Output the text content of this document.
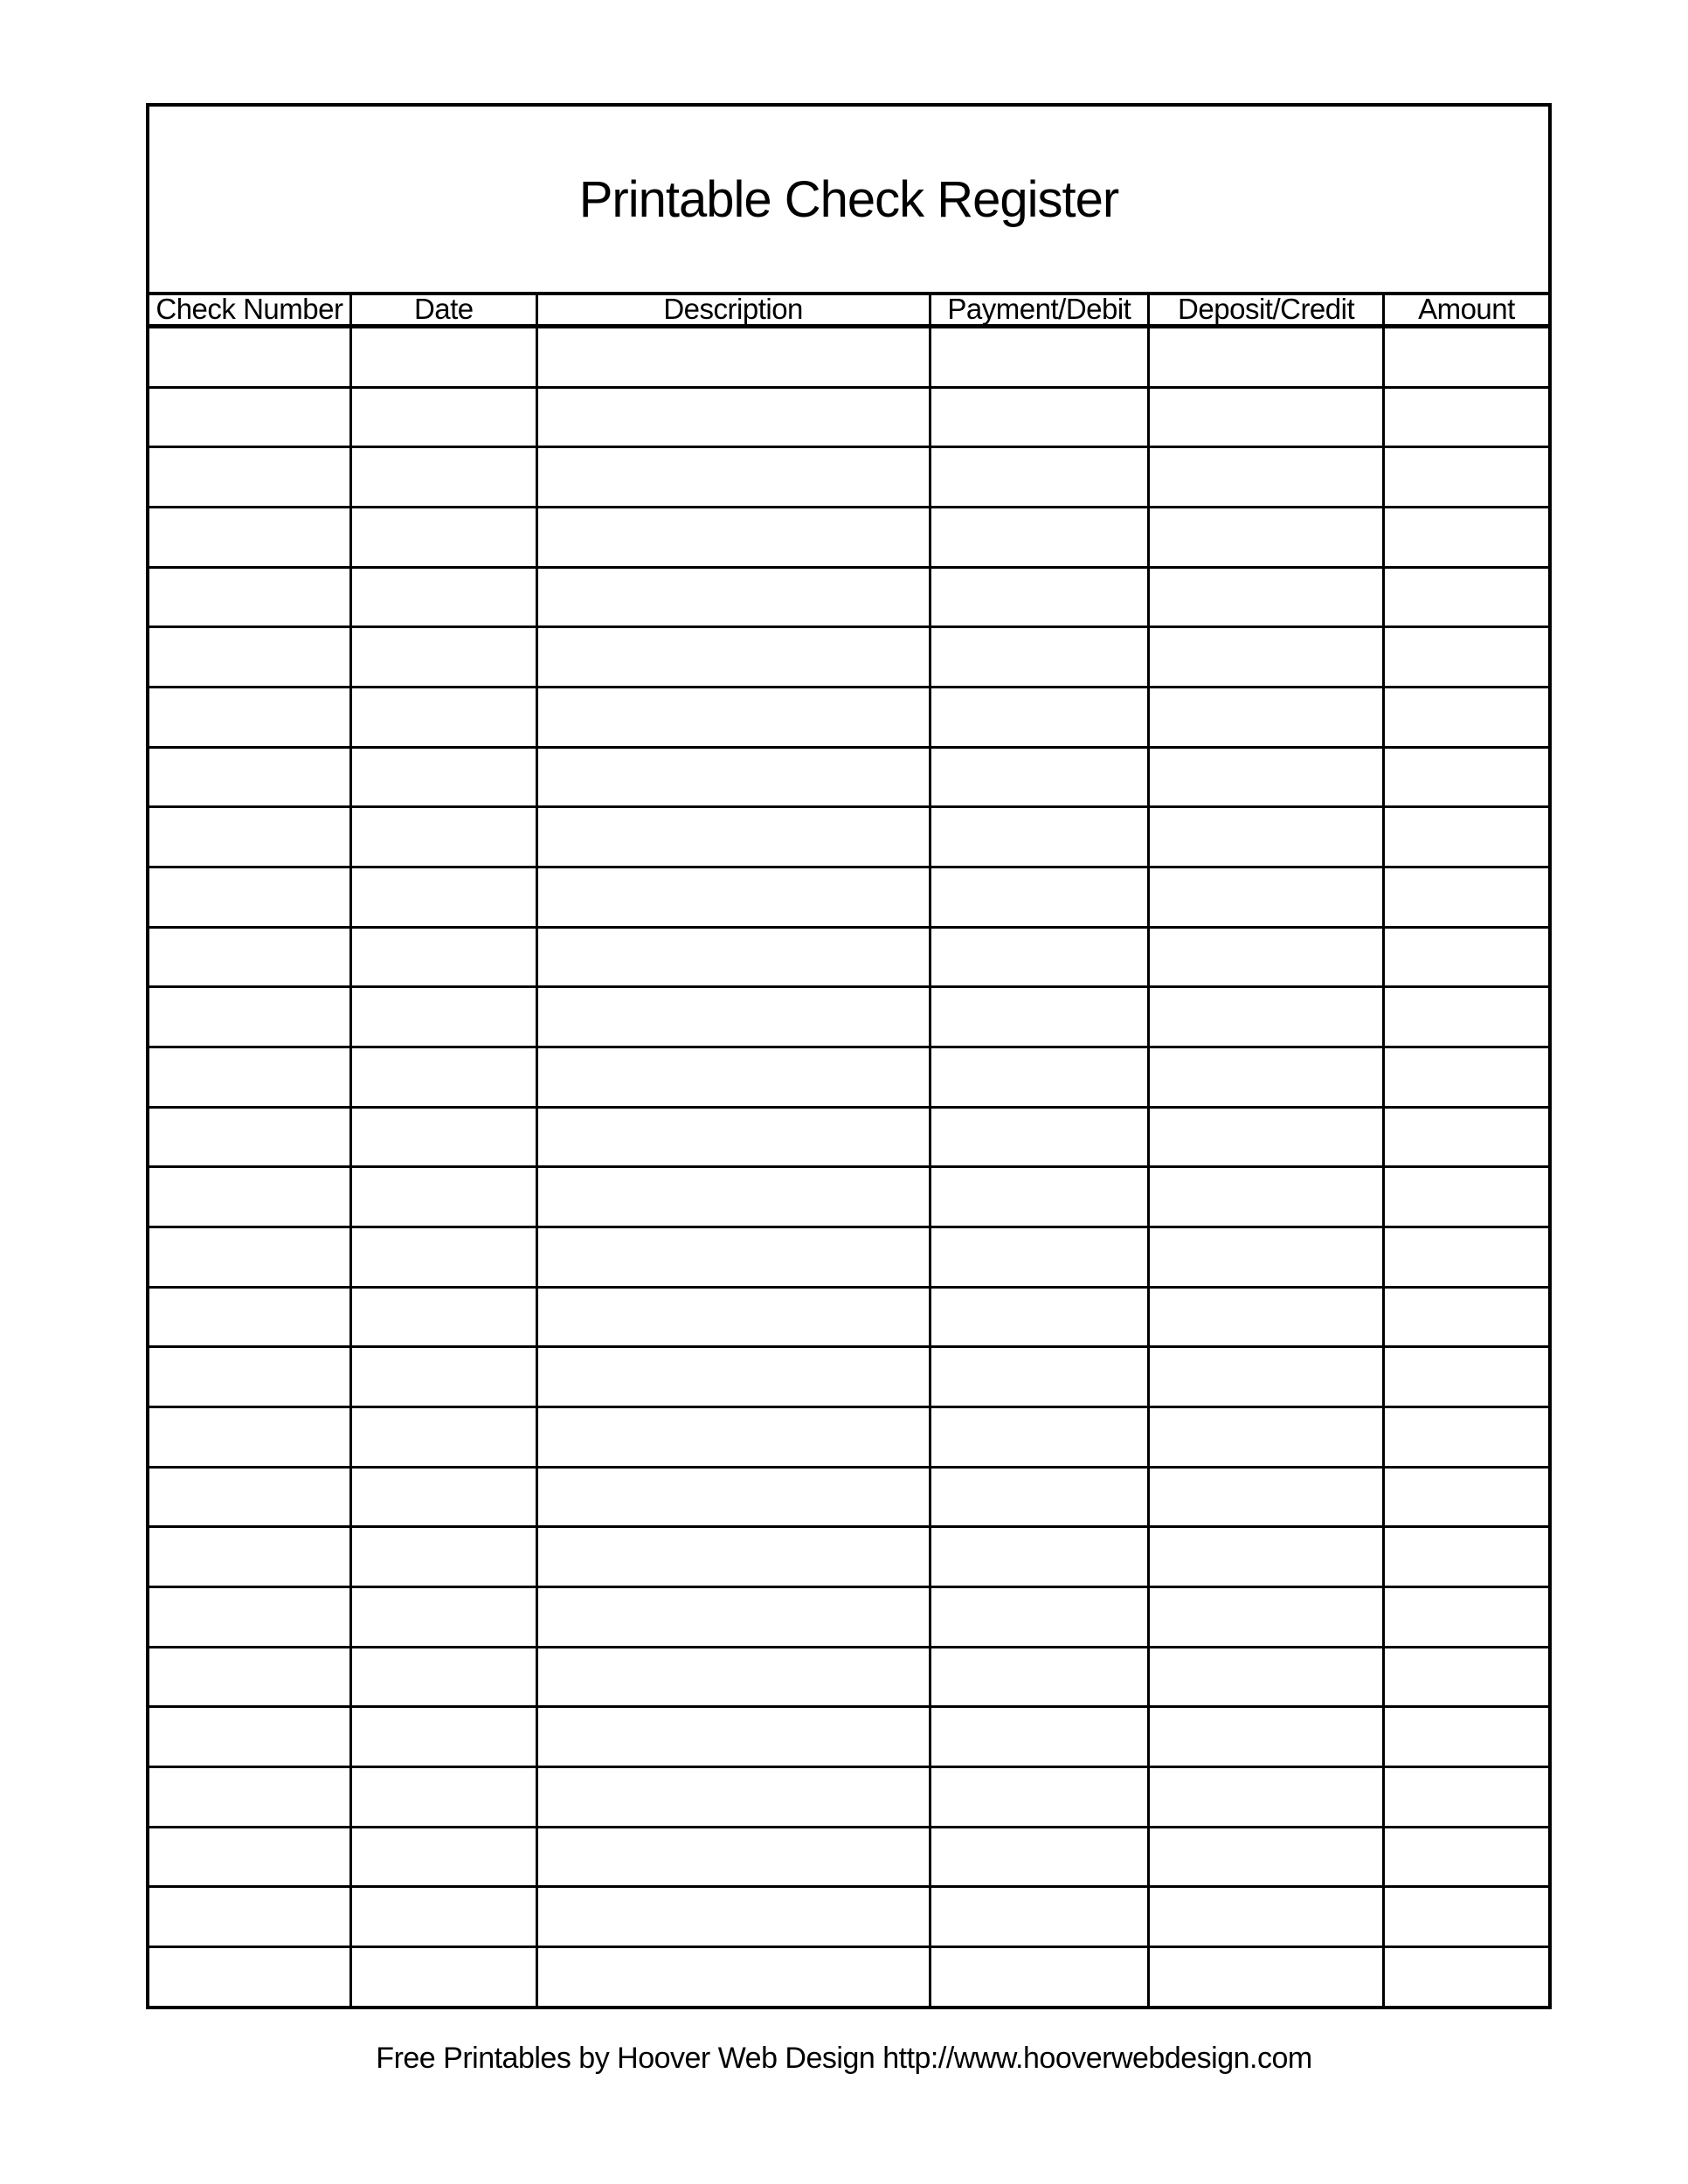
Printable Check Register
Check Number	Date	Description	Payment/Debit	Deposit/Credit	Amount
Free Printables by Hoover Web Design http://www.hooverwebdesign.com
